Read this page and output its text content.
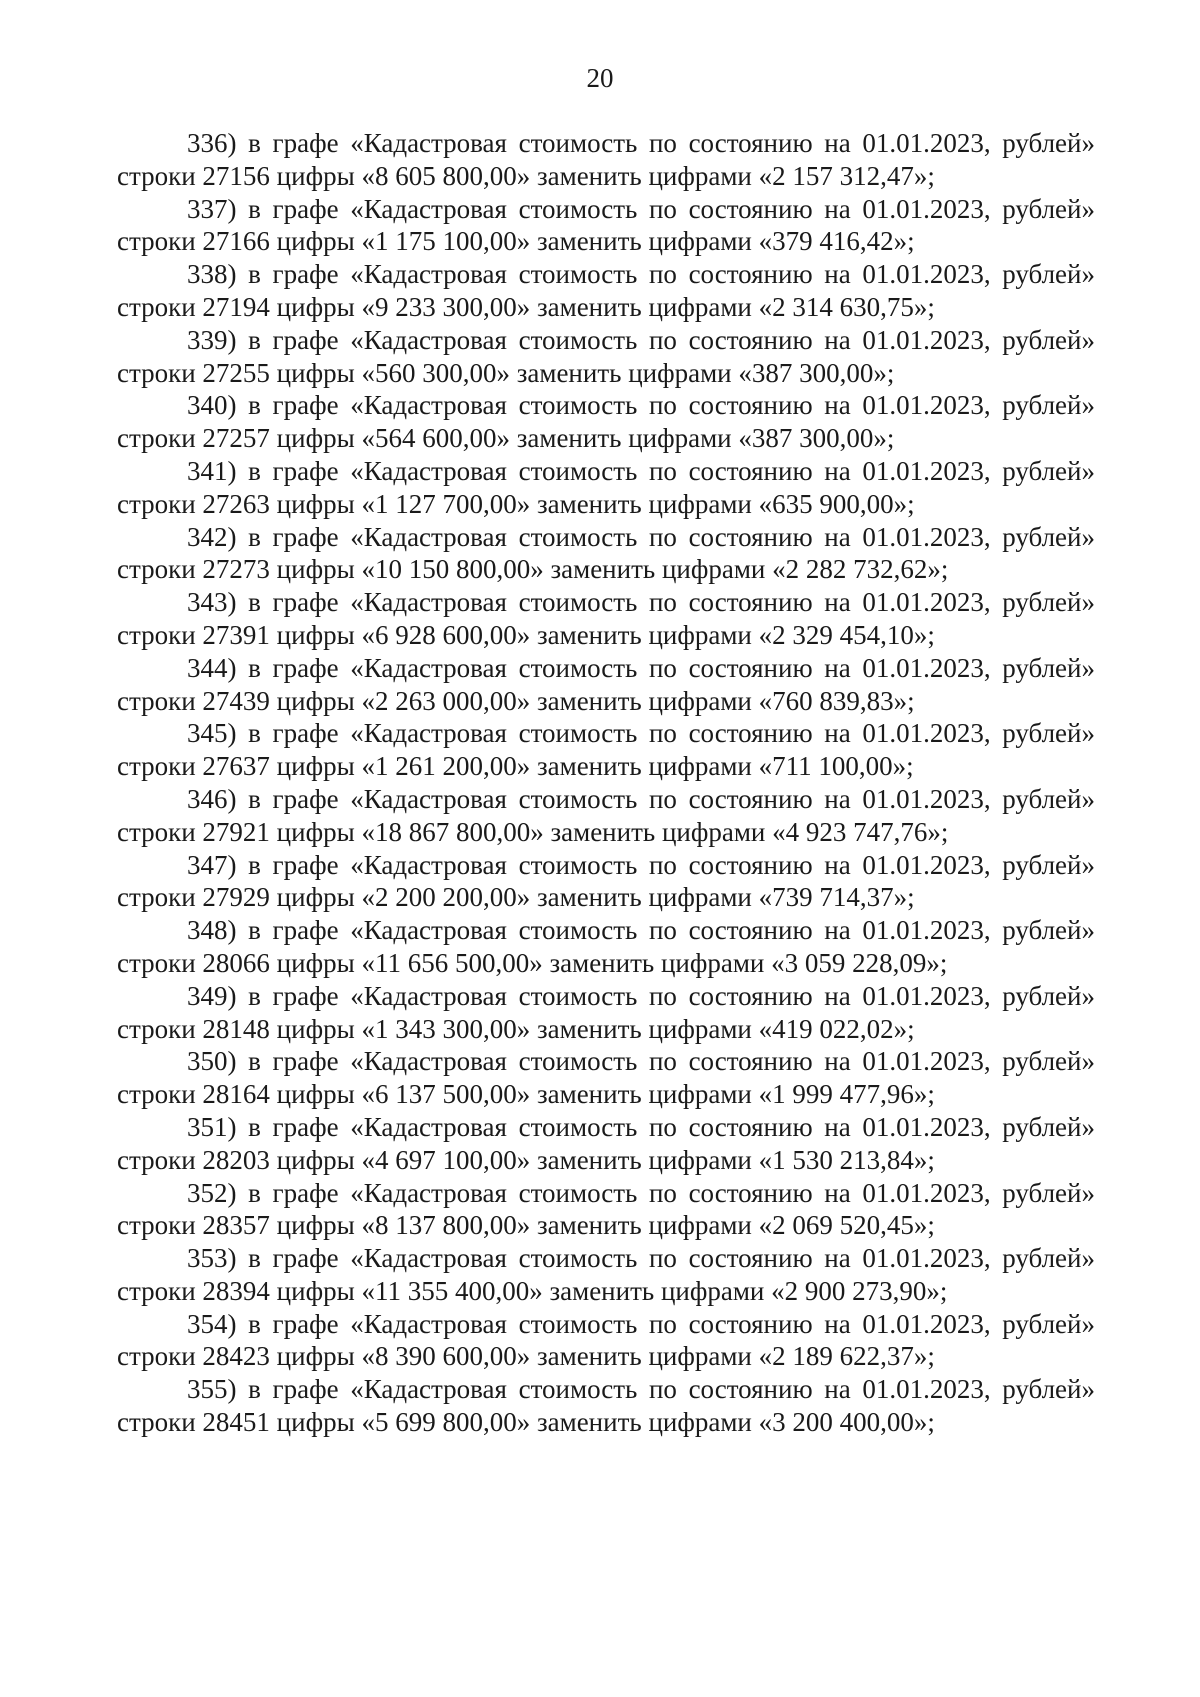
20

336) в графе «Кадастровая стоимость по состоянию на 01.01.2023, рублей» строки 27156 цифры «8 605 800,00» заменить цифрами «2 157 312,47»;

337) в графе «Кадастровая стоимость по состоянию на 01.01.2023, рублей» строки 27166 цифры «1 175 100,00» заменить цифрами «379 416,42»;

338) в графе «Кадастровая стоимость по состоянию на 01.01.2023, рублей» строки 27194 цифры «9 233 300,00» заменить цифрами «2 314 630,75»;

339) в графе «Кадастровая стоимость по состоянию на 01.01.2023, рублей» строки 27255 цифры «560 300,00» заменить цифрами «387 300,00»;

340) в графе «Кадастровая стоимость по состоянию на 01.01.2023, рублей» строки 27257 цифры «564 600,00» заменить цифрами «387 300,00»;

341) в графе «Кадастровая стоимость по состоянию на 01.01.2023, рублей» строки 27263 цифры «1 127 700,00» заменить цифрами «635 900,00»;

342) в графе «Кадастровая стоимость по состоянию на 01.01.2023, рублей» строки 27273 цифры «10 150 800,00» заменить цифрами «2 282 732,62»;

343) в графе «Кадастровая стоимость по состоянию на 01.01.2023, рублей» строки 27391 цифры «6 928 600,00» заменить цифрами «2 329 454,10»;

344) в графе «Кадастровая стоимость по состоянию на 01.01.2023, рублей» строки 27439 цифры «2 263 000,00» заменить цифрами «760 839,83»;

345) в графе «Кадастровая стоимость по состоянию на 01.01.2023, рублей» строки 27637 цифры «1 261 200,00» заменить цифрами «711 100,00»;

346) в графе «Кадастровая стоимость по состоянию на 01.01.2023, рублей» строки 27921 цифры «18 867 800,00» заменить цифрами «4 923 747,76»;

347) в графе «Кадастровая стоимость по состоянию на 01.01.2023, рублей» строки 27929 цифры «2 200 200,00» заменить цифрами «739 714,37»;

348) в графе «Кадастровая стоимость по состоянию на 01.01.2023, рублей» строки 28066 цифры «11 656 500,00» заменить цифрами «3 059 228,09»;

349) в графе «Кадастровая стоимость по состоянию на 01.01.2023, рублей» строки 28148 цифры «1 343 300,00» заменить цифрами «419 022,02»;

350) в графе «Кадастровая стоимость по состоянию на 01.01.2023, рублей» строки 28164 цифры «6 137 500,00» заменить цифрами «1 999 477,96»;

351) в графе «Кадастровая стоимость по состоянию на 01.01.2023, рублей» строки 28203 цифры «4 697 100,00» заменить цифрами «1 530 213,84»;

352) в графе «Кадастровая стоимость по состоянию на 01.01.2023, рублей» строки 28357 цифры «8 137 800,00» заменить цифрами «2 069 520,45»;

353) в графе «Кадастровая стоимость по состоянию на 01.01.2023, рублей» строки 28394 цифры «11 355 400,00» заменить цифрами «2 900 273,90»;

354) в графе «Кадастровая стоимость по состоянию на 01.01.2023, рублей» строки 28423 цифры «8 390 600,00» заменить цифрами «2 189 622,37»;

355) в графе «Кадастровая стоимость по состоянию на 01.01.2023, рублей» строки 28451 цифры «5 699 800,00» заменить цифрами «3 200 400,00»;
